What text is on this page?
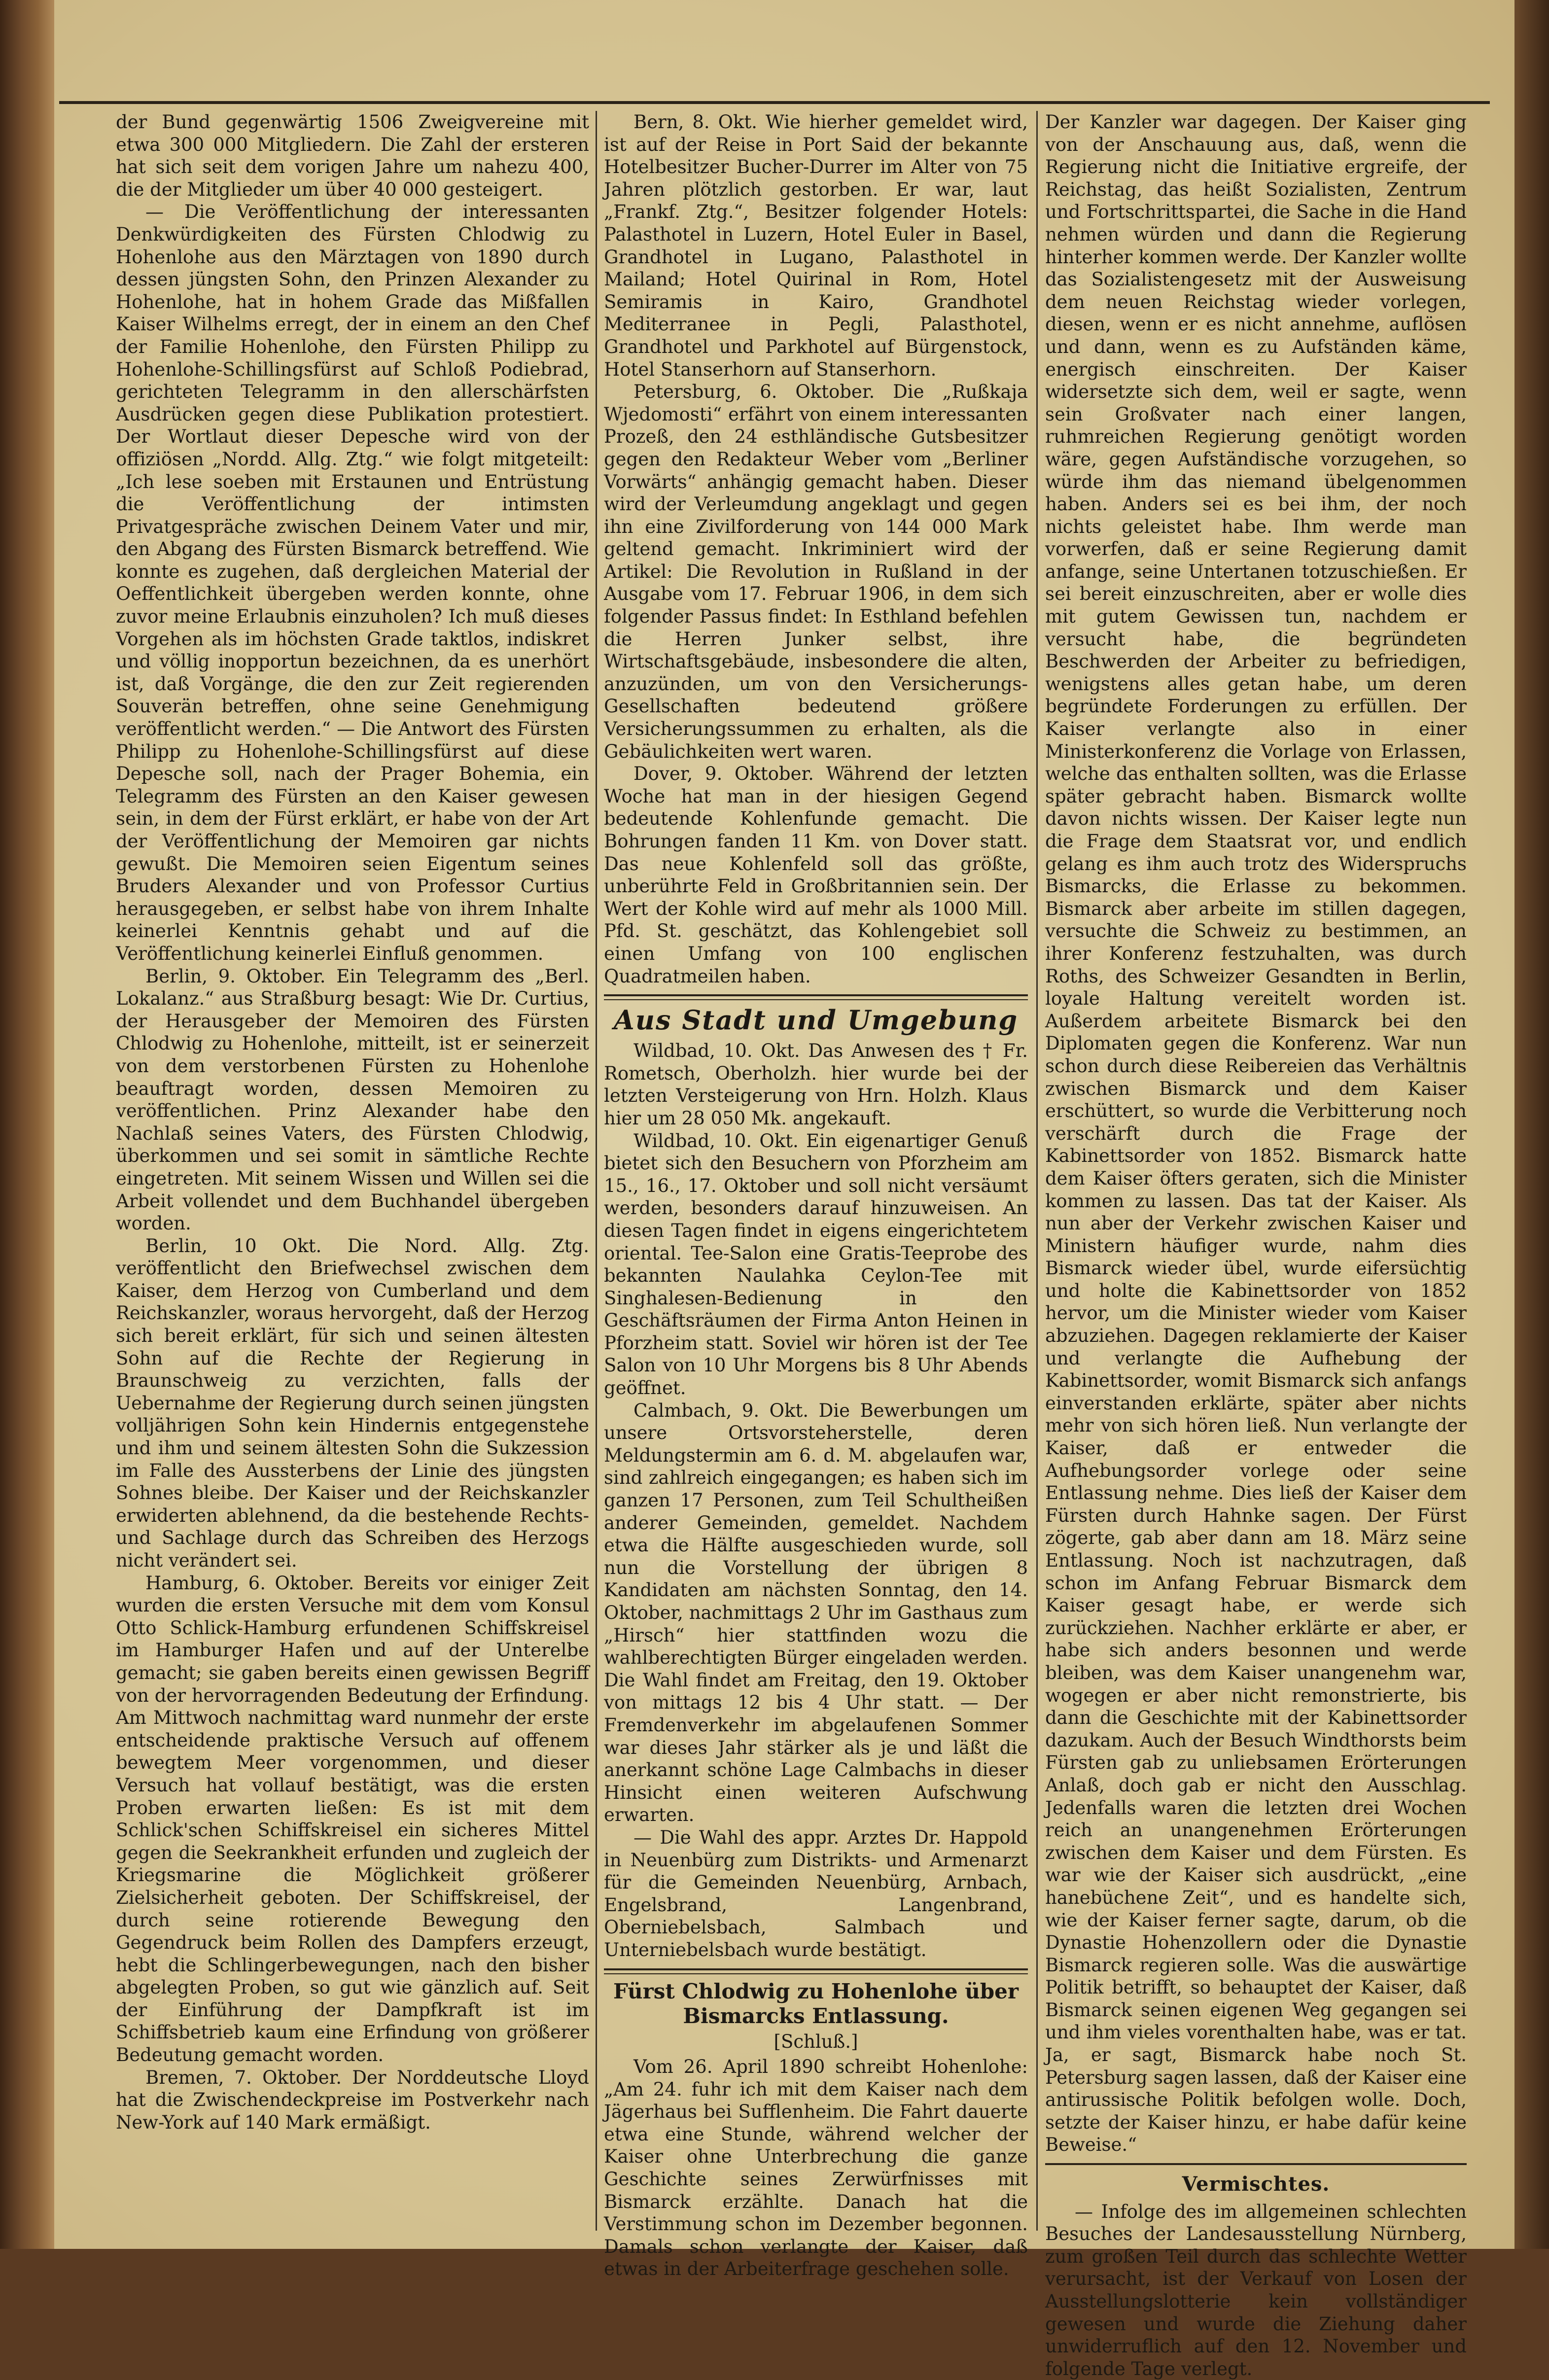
der Bund gegenwärtig 1506 Zweigvereine mit etwa 300 000 Mitgliedern. Die Zahl der ersteren hat sich seit dem vorigen Jahre um nahezu 400, die der Mitglieder um über 40 000 gesteigert.

— Die Veröffentlichung der interessanten Denkwürdigkeiten des Fürsten Chlodwig zu Hohenlohe aus den Märztagen von 1890 durch dessen jüngsten Sohn, den Prinzen Alexander zu Hohenlohe, hat in hohem Grade das Mißfallen Kaiser Wilhelms erregt, der in einem an den Chef der Familie Hohenlohe, den Fürsten Philipp zu Hohenlohe-Schillingsfürst auf Schloß Podiebrad, gerichteten Telegramm in den allerschärfsten Ausdrücken gegen diese Publikation protestiert. Der Wortlaut dieser Depesche wird von der offiziösen „Nordd. Allg. Ztg.“ wie folgt mitgeteilt: „Ich lese soeben mit Erstaunen und Entrüstung die Veröffentlichung der intimsten Privatgespräche zwischen Deinem Vater und mir, den Abgang des Fürsten Bismarck betreffend. Wie konnte es zugehen, daß dergleichen Material der Oeffentlichkeit übergeben werden konnte, ohne zuvor meine Erlaubnis einzuholen? Ich muß dieses Vorgehen als im höchsten Grade taktlos, indiskret und völlig inopportun bezeichnen, da es unerhört ist, daß Vorgänge, die den zur Zeit regierenden Souverän betreffen, ohne seine Genehmigung veröffentlicht werden.“ — Die Antwort des Fürsten Philipp zu Hohenlohe-Schillingsfürst auf diese Depesche soll, nach der Prager Bohemia, ein Telegramm des Fürsten an den Kaiser gewesen sein, in dem der Fürst erklärt, er habe von der Art der Veröffentlichung der Memoiren gar nichts gewußt. Die Memoiren seien Eigentum seines Bruders Alexander und von Professor Curtius herausgegeben, er selbst habe von ihrem Inhalte keinerlei Kenntnis gehabt und auf die Veröffentlichung keinerlei Einfluß genommen.

Berlin, 9. Oktober. Ein Telegramm des „Berl. Lokalanz.“ aus Straßburg besagt: Wie Dr. Curtius, der Herausgeber der Memoiren des Fürsten Chlodwig zu Hohenlohe, mitteilt, ist er seinerzeit von dem verstorbenen Fürsten zu Hohenlohe beauftragt worden, dessen Memoiren zu veröffentlichen. Prinz Alexander habe den Nachlaß seines Vaters, des Fürsten Chlodwig, überkommen und sei somit in sämtliche Rechte eingetreten. Mit seinem Wissen und Willen sei die Arbeit vollendet und dem Buchhandel übergeben worden.

Berlin, 10 Okt. Die Nord. Allg. Ztg. veröffentlicht den Briefwechsel zwischen dem Kaiser, dem Herzog von Cumberland und dem Reichskanzler, woraus hervorgeht, daß der Herzog sich bereit erklärt, für sich und seinen ältesten Sohn auf die Rechte der Regierung in Braunschweig zu verzichten, falls der Uebernahme der Regierung durch seinen jüngsten volljährigen Sohn kein Hindernis entgegenstehe und ihm und seinem ältesten Sohn die Sukzession im Falle des Aussterbens der Linie des jüngsten Sohnes bleibe. Der Kaiser und der Reichskanzler erwiderten ablehnend, da die bestehende Rechts- und Sachlage durch das Schreiben des Herzogs nicht verändert sei.

Hamburg, 6. Oktober. Bereits vor einiger Zeit wurden die ersten Versuche mit dem vom Konsul Otto Schlick-Hamburg erfundenen Schiffskreisel im Hamburger Hafen und auf der Unterelbe gemacht; sie gaben bereits einen gewissen Begriff von der hervorragenden Bedeutung der Erfindung. Am Mittwoch nachmittag ward nunmehr der erste entscheidende praktische Versuch auf offenem bewegtem Meer vorgenommen, und dieser Versuch hat vollauf bestätigt, was die ersten Proben erwarten ließen: Es ist mit dem Schlick'schen Schiffskreisel ein sicheres Mittel gegen die Seekrankheit erfunden und zugleich der Kriegsmarine die Möglichkeit größerer Zielsicherheit geboten. Der Schiffskreisel, der durch seine rotierende Bewegung den Gegendruck beim Rollen des Dampfers erzeugt, hebt die Schlingerbewegungen, nach den bisher abgelegten Proben, so gut wie gänzlich auf. Seit der Einführung der Dampfkraft ist im Schiffsbetrieb kaum eine Erfindung von größerer Bedeutung gemacht worden.

Bremen, 7. Oktober. Der Norddeutsche Lloyd hat die Zwischendeckpreise im Postverkehr nach New-York auf 140 Mark ermäßigt.

Bern, 8. Okt. Wie hierher gemeldet wird, ist auf der Reise in Port Said der bekannte Hotelbesitzer Bucher-Durrer im Alter von 75 Jahren plötzlich gestorben. Er war, laut „Frankf. Ztg.“, Besitzer folgender Hotels: Palasthotel in Luzern, Hotel Euler in Basel, Grandhotel in Lugano, Palasthotel in Mailand; Hotel Quirinal in Rom, Hotel Semiramis in Kairo, Grandhotel Mediterranee in Pegli, Palasthotel, Grandhotel und Parkhotel auf Bürgenstock, Hotel Stanserhorn auf Stanserhorn.

Petersburg, 6. Oktober. Die „Rußkaja Wjedomosti“ erfährt von einem interessanten Prozeß, den 24 esthländische Gutsbesitzer gegen den Redakteur Weber vom „Berliner Vorwärts“ anhängig gemacht haben. Dieser wird der Verleumdung angeklagt und gegen ihn eine Zivilforderung von 144 000 Mark geltend gemacht. Inkriminiert wird der Artikel: Die Revolution in Rußland in der Ausgabe vom 17. Februar 1906, in dem sich folgender Passus findet: In Esthland befehlen die Herren Junker selbst, ihre Wirtschaftsgebäude, insbesondere die alten, anzuzünden, um von den Versicherungs-Gesellschaften bedeutend größere Versicherungssummen zu erhalten, als die Gebäulichkeiten wert waren.

Dover, 9. Oktober. Während der letzten Woche hat man in der hiesigen Gegend bedeutende Kohlenfunde gemacht. Die Bohrungen fanden 11 Km. von Dover statt. Das neue Kohlenfeld soll das größte, unberührte Feld in Großbritannien sein. Der Wert der Kohle wird auf mehr als 1000 Mill. Pfd. St. geschätzt, das Kohlengebiet soll einen Umfang von 100 englischen Quadratmeilen haben.

Aus Stadt und Umgebung

Wildbad, 10. Okt. Das Anwesen des † Fr. Rometsch, Oberholzh. hier wurde bei der letzten Versteigerung von Hrn. Holzh. Klaus hier um 28 050 Mk. angekauft.

Wildbad, 10. Okt. Ein eigenartiger Genuß bietet sich den Besuchern von Pforzheim am 15., 16., 17. Oktober und soll nicht versäumt werden, besonders darauf hinzuweisen. An diesen Tagen findet in eigens eingerichtetem oriental. Tee-Salon eine Gratis-Teeprobe des bekannten Naulahka Ceylon-Tee mit Singhalesen-Bedienung in den Geschäftsräumen der Firma Anton Heinen in Pforzheim statt. Soviel wir hören ist der Tee Salon von 10 Uhr Morgens bis 8 Uhr Abends geöffnet.

Calmbach, 9. Okt. Die Bewerbungen um unsere Ortsvorsteherstelle, deren Meldungstermin am 6. d. M. abgelaufen war, sind zahlreich eingegangen; es haben sich im ganzen 17 Personen, zum Teil Schultheißen anderer Gemeinden, gemeldet. Nachdem etwa die Hälfte ausgeschieden wurde, soll nun die Vorstellung der übrigen 8 Kandidaten am nächsten Sonntag, den 14. Oktober, nachmittags 2 Uhr im Gasthaus zum „Hirsch“ hier stattfinden wozu die wahlberechtigten Bürger eingeladen werden. Die Wahl findet am Freitag, den 19. Oktober von mittags 12 bis 4 Uhr statt. — Der Fremdenverkehr im abgelaufenen Sommer war dieses Jahr stärker als je und läßt die anerkannt schöne Lage Calmbachs in dieser Hinsicht einen weiteren Aufschwung erwarten.

— Die Wahl des appr. Arztes Dr. Happold in Neuenbürg zum Distrikts- und Armenarzt für die Gemeinden Neuenbürg, Arnbach, Engelsbrand, Langenbrand, Oberniebelsbach, Salmbach und Unterniebelsbach wurde bestätigt.

Fürst Chlodwig zu Hohenlohe über Bismarcks Entlassung.
[Schluß.]

Vom 26. April 1890 schreibt Hohenlohe: „Am 24. fuhr ich mit dem Kaiser nach dem Jägerhaus bei Sufflenheim. Die Fahrt dauerte etwa eine Stunde, während welcher der Kaiser ohne Unterbrechung die ganze Geschichte seines Zerwürfnisses mit Bismarck erzählte. Danach hat die Verstimmung schon im Dezember begonnen. Damals schon verlangte der Kaiser, daß etwas in der Arbeiterfrage geschehen solle.

Der Kanzler war dagegen. Der Kaiser ging von der Anschauung aus, daß, wenn die Regierung nicht die Initiative ergreife, der Reichstag, das heißt Sozialisten, Zentrum und Fortschrittspartei, die Sache in die Hand nehmen würden und dann die Regierung hinterher kommen werde. Der Kanzler wollte das Sozialistengesetz mit der Ausweisung dem neuen Reichstag wieder vorlegen, diesen, wenn er es nicht annehme, auflösen und dann, wenn es zu Aufständen käme, energisch einschreiten. Der Kaiser widersetzte sich dem, weil er sagte, wenn sein Großvater nach einer langen, ruhmreichen Regierung genötigt worden wäre, gegen Aufständische vorzugehen, so würde ihm das niemand übelgenommen haben. Anders sei es bei ihm, der noch nichts geleistet habe. Ihm werde man vorwerfen, daß er seine Regierung damit anfange, seine Untertanen totzuschießen. Er sei bereit einzuschreiten, aber er wolle dies mit gutem Gewissen tun, nachdem er versucht habe, die begründeten Beschwerden der Arbeiter zu befriedigen, wenigstens alles getan habe, um deren begründete Forderungen zu erfüllen. Der Kaiser verlangte also in einer Ministerkonferenz die Vorlage von Erlassen, welche das enthalten sollten, was die Erlasse später gebracht haben. Bismarck wollte davon nichts wissen. Der Kaiser legte nun die Frage dem Staatsrat vor, und endlich gelang es ihm auch trotz des Widerspruchs Bismarcks, die Erlasse zu bekommen. Bismarck aber arbeite im stillen dagegen, versuchte die Schweiz zu bestimmen, an ihrer Konferenz festzuhalten, was durch Roths, des Schweizer Gesandten in Berlin, loyale Haltung vereitelt worden ist. Außerdem arbeitete Bismarck bei den Diplomaten gegen die Konferenz. War nun schon durch diese Reibereien das Verhältnis zwischen Bismarck und dem Kaiser erschüttert, so wurde die Verbitterung noch verschärft durch die Frage der Kabinettsorder von 1852. Bismarck hatte dem Kaiser öfters geraten, sich die Minister kommen zu lassen. Das tat der Kaiser. Als nun aber der Verkehr zwischen Kaiser und Ministern häufiger wurde, nahm dies Bismarck wieder übel, wurde eifersüchtig und holte die Kabinettsorder von 1852 hervor, um die Minister wieder vom Kaiser abzuziehen. Dagegen reklamierte der Kaiser und verlangte die Aufhebung der Kabinettsorder, womit Bismarck sich anfangs einverstanden erklärte, später aber nichts mehr von sich hören ließ. Nun verlangte der Kaiser, daß er entweder die Aufhebungsorder vorlege oder seine Entlassung nehme. Dies ließ der Kaiser dem Fürsten durch Hahnke sagen. Der Fürst zögerte, gab aber dann am 18. März seine Entlassung. Noch ist nachzutragen, daß schon im Anfang Februar Bismarck dem Kaiser gesagt habe, er werde sich zurückziehen. Nachher erklärte er aber, er habe sich anders besonnen und werde bleiben, was dem Kaiser unangenehm war, wogegen er aber nicht remonstrierte, bis dann die Geschichte mit der Kabinettsorder dazukam. Auch der Besuch Windthorsts beim Fürsten gab zu unliebsamen Erörterungen Anlaß, doch gab er nicht den Ausschlag. Jedenfalls waren die letzten drei Wochen reich an unangenehmen Erörterungen zwischen dem Kaiser und dem Fürsten. Es war wie der Kaiser sich ausdrückt, „eine hanebüchene Zeit“, und es handelte sich, wie der Kaiser ferner sagte, darum, ob die Dynastie Hohenzollern oder die Dynastie Bismarck regieren solle. Was die auswärtige Politik betrifft, so behauptet der Kaiser, daß Bismarck seinen eigenen Weg gegangen sei und ihm vieles vorenthalten habe, was er tat. Ja, er sagt, Bismarck habe noch St. Petersburg sagen lassen, daß der Kaiser eine antirussische Politik befolgen wolle. Doch, setzte der Kaiser hinzu, er habe dafür keine Beweise.“

Vermischtes.

— Infolge des im allgemeinen schlechten Besuches der Landesausstellung Nürnberg, zum großen Teil durch das schlechte Wetter verursacht, ist der Verkauf von Losen der Ausstellungslotterie kein vollständiger gewesen und wurde die Ziehung daher unwiderruflich auf den 12. November und folgende Tage verlegt.
